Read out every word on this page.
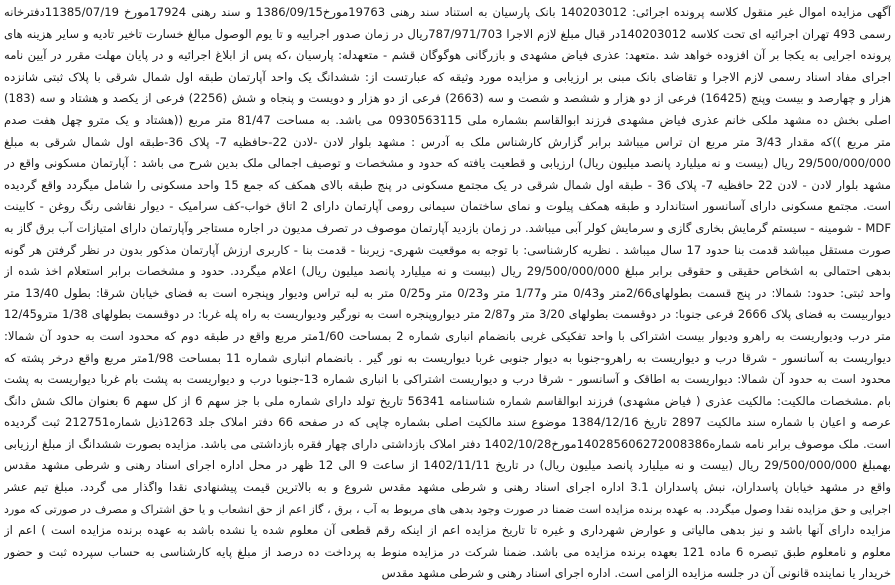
آگهی مزایده اموال غیر منقول کلاسه پرونده اجرائی: 140203012 بانک پارسیان به استناد سند رهنی 19763مورخ1386/09/15 و سند رهنی 17924مورخ 11385/07/19دفترخانه
رسمی 493 تهران اجرائیه ای تحت کلاسه 140203012در قبال مبلغ لازم الاجرا 787/971/703ریال در زمان صدور اجراییه و تا یوم الوصول مبالغ خسارت تاخیر تادیه و سایر هزینه های
پرونده اجرایی به یکجا بر آن افزوده خواهد شد .متعهد: عذری فیاض مشهدی و بازرگانی هوگوگان قشم - متعهدله: پارسیان ،که پس از ابلاغ اجرائیه و در پایان مهلت مقرر در آیین نامه
اجرای مفاد اسناد رسمی لازم الاجرا و تقاضای بانک مبنی بر ارزیابی و مزایده مورد وثیقه که عبارتست از: ششدانگ یک واحد آپارتمان طبقه اول شمال شرقی با پلاک ثبتی شانزده
هزار و چهارصد و بیست وپنج (16425) فرعی از دو هزار و ششصد و شصت و سه (2663) فرعی از دو هزار و دویست و پنجاه و شش (2256) فرعی از یکصد و هشتاد و سه (183)
اصلی بخش ده مشهد ملکی خانم عذری فیاض مشهدی فرزند ابوالقاسم بشماره ملی 0930563115 می باشد. به مساحت 81/47 متر مربع ((هشتاد و یک مترو چهل هفت صدم
متر مربع ))که مقدار 3/43 متر مربع ان تراس میباشد برابر گزارش کارشناس ملک به آدرس : مشهد بلوار لادن -لادن 22-حافظیه 7- پلاک 36-طبقه اول شمال شرقی به مبلغ
29/500/000/000 ریال (بیست و نه میلیارد پانصد میلیون ریال) ارزیابی و قطعیت یافته که حدود و مشخصات و توصیف اجمالی ملک بدین شرح می باشد : آپارتمان مسکونی واقع در
مشهد بلوار لادن - لادن 22 حافظیه 7- پلاک 36 - طبقه اول شمال شرقی در یک مجتمع مسکونی در پنج طبقه بالای همکف که جمع 15 واحد مسکونی را شامل میگردد واقع گردیده
است. مجتمع مسکونی دارای آسانسور استاندارد و طبقه همکف پیلوت و نمای ساختمان سیمانی رومی آپارتمان دارای 2 اتاق خواب-کف سرامیک - دیوار نقاشی رنگ روغن - کابینت
MDF - شومینه - سیستم گرمایش بخاری گازی و سرمایش کولر آبی میباشد. در زمان بازدید آپارتمان موصوف در تصرف مدیون در اجاره مستاجر وآپارتمان دارای امتیازات آب برق گاز به
صورت مستقل میباشد قدمت بنا حدود 17 سال میباشد . نظریه کارشناسی: با توجه به موقعیت شهری- زیربنا - قدمت بنا - کاربری ارزش آپارتمان مذکور بدون در نظر گرفتن هر گونه
بدهی احتمالی به اشخاص حقیقی و حقوقی برابر مبلغ 29/500/000/000 ریال (بیست و نه میلیارد پانصد میلیون ریال) اعلام میگردد. حدود و مشخصات برابر استعلام اخذ شده از
واحد ثبتی: حدود: شمالا: در پنج قسمت بطولهای2/66متر و0/43 متر و1/77 متر و0/23 متر و0/25 متر به لبه تراس ودیوار وپنجره است به فضای خیابان شرقا: بطول 13/40 متر
دیواربیست به فضای پلاک 2666 فرعی جنوبا: در دوقسمت بطولهای 3/20 متر و2/87 متر دیواروپنجره است به نورگیر ودیواریست به راه پله غربا: در دوقسمت بطولهای 1/38 مترو12/45
متر درب ودیواریست به راهرو ودیوار بیست اشتراکی با واحد تفکیکی غربی بانضمام انباری شماره 2 بمساحت 1/60متر مربع واقع در طبقه دوم که محدود است به حدود آن شمالا:
دیواریست به آسانسور - شرقا درب و دیواریست به راهرو-جنوبا به دیوار جنوبی غربا دیواریست به نور گیر . بانضمام انباری شماره 11 بمساحت 1/98متر مربع واقع درخر پشته که
محدود است به حدود آن شمالا: دیواریست به اطاقک و آسانسور - شرقا درب و دیواریست اشتراکی با انباری شماره 13-جنوبا درب و دیواریست به پشت بام غربا دیواریست به پشت
بام .مشخصات مالکیت: مالکیت عذری ( فیاض مشهدی) فرزند ابوالقاسم شماره شناسنامه 56341 تاریخ تولد دارای شماره ملی با جز سهم 6 از کل سهم 6 بعنوان مالک شش دانگ
عرصه و اعیان با شماره سند مالکیت 2897 تاریخ 1384/12/16 موضوع سند مالکیت اصلی بشماره چاپی که در صفحه 66 دفتر املاک جلد 1263ذیل شماره212751 ثبت گردیده
است. ملک موصوف برابر نامه شماره140285606272008386مورخ1402/10/28 دفتر املاک بازداشتی دارای چهار فقره بازداشتی می باشد. مزایده بصورت ششدانگ از مبلغ ارزیابی
بهمبلغ 29/500/000/000 ریال (بیست و نه میلیارد پانصد میلیون ریال) در تاریخ 1402/11/11 از ساعت 9 الی 12 ظهر در محل اداره اجرای اسناد رهنی و شرطی مشهد مقدس
واقع در مشهد خیابان پاسداران، نبش پاسداران 3.1 اداره اجرای اسناد رهنی و شرطی مشهد مقدس شروع و به بالاترین قیمت پیشنهادی نقدا واگذار می گردد. مبلغ تیم عشر
اجرایی و حق مزایده نقدا وصول میگردد. به عهده برنده مزایده است ضمنا در صورت وجود بدهی های مربوط به آب ، برق ، گاز اعم از حق انشعاب و یا حق اشتراک و مصرف در صورتی که مورد
مزایده دارای آنها باشد و نیز بدهی مالیاتی و عوارض شهرداری و غیره تا تاریخ مزایده اعم از اینکه رقم قطعی آن معلوم شده یا نشده باشد به عهده برنده مزایده است ) اعم از
معلوم و نامعلوم طبق تبصره 6 ماده 121 بعهده برنده مزایده می باشد. ضمنا شرکت در مزایده منوط به پرداخت ده درصد از مبلغ پایه کارشناسی به حساب سپرده ثبت و حضور
خریدار یا نماینده قانونی آن در جلسه مزایده الزامی است. اداره اجرای اسناد رهنی و شرطی مشهد مقدس
